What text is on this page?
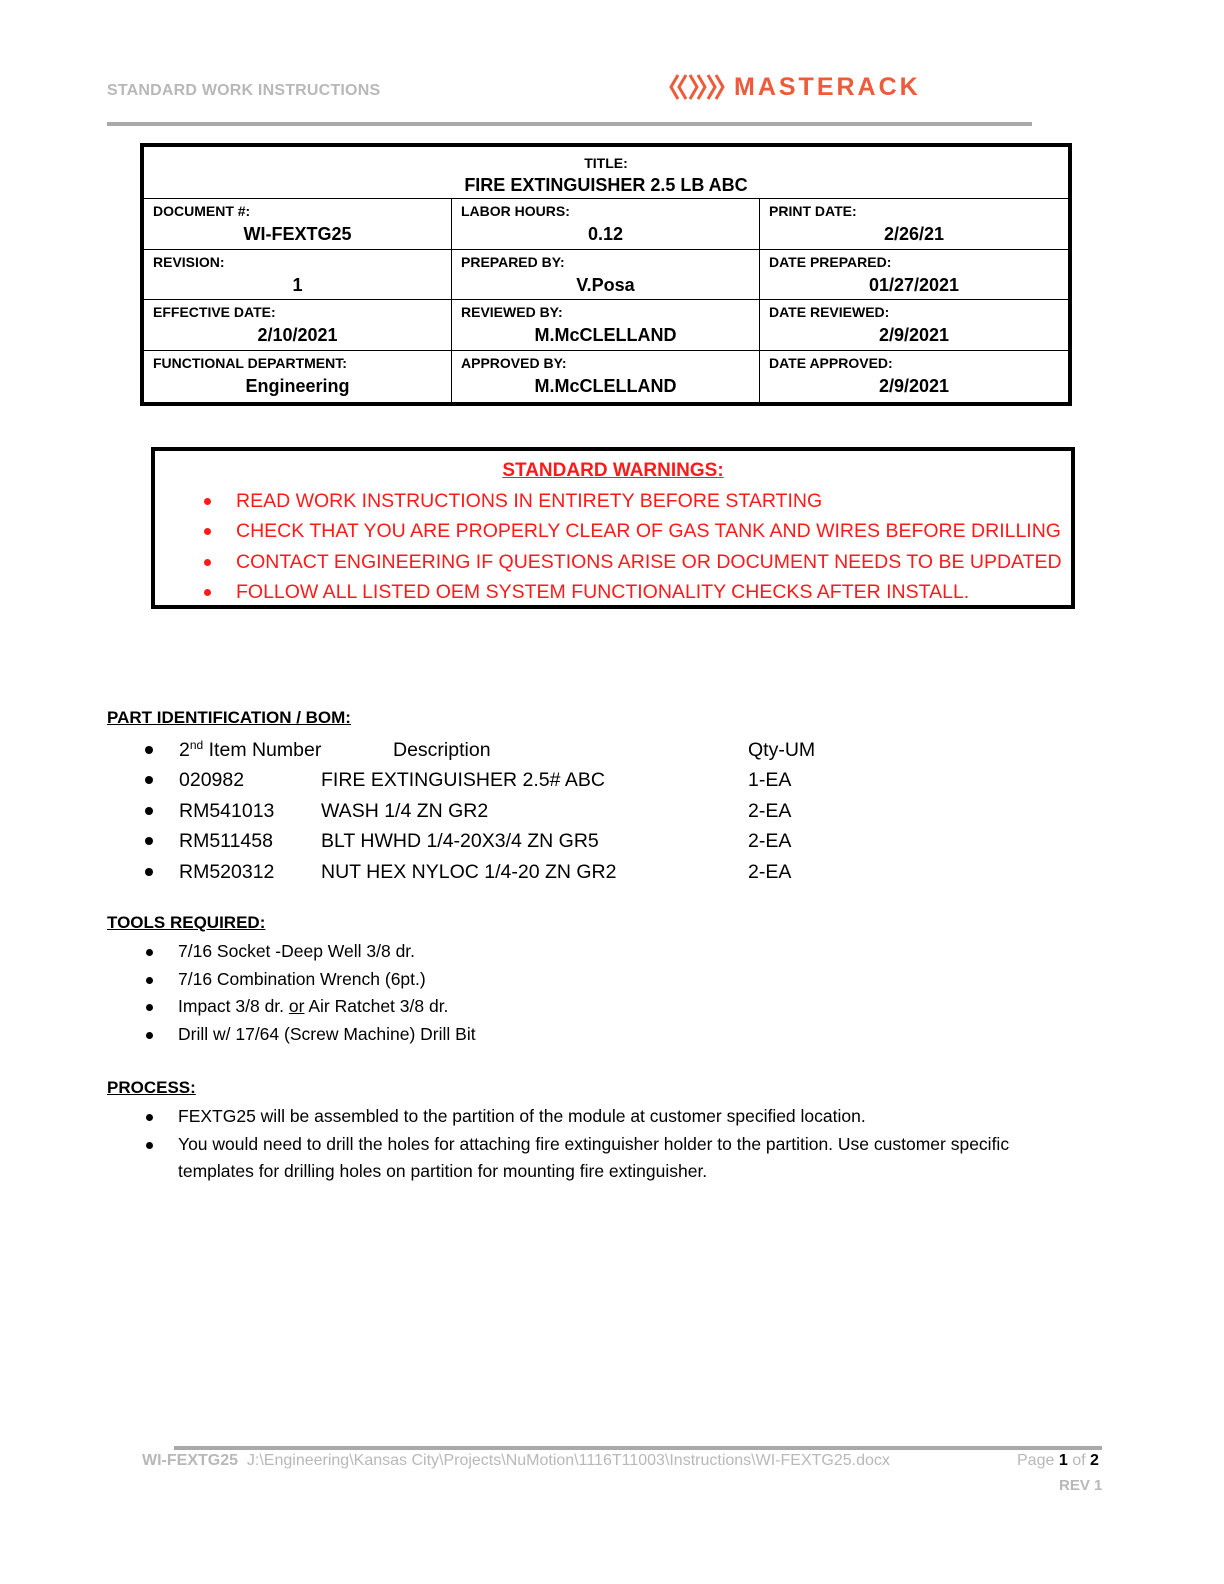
STANDARD WORK INSTRUCTIONS	MASTERACK
TITLE:
FIRE EXTINGUISHER 2.5 LB ABC
DOCUMENT #:
WI-FEXTG25
LABOR HOURS:
0.12
PRINT DATE:
2/26/21
REVISION:
1
PREPARED BY:
V.Posa
DATE PREPARED:
01/27/2021
EFFECTIVE DATE:
2/10/2021
REVIEWED BY:
M.McCLELLAND
DATE REVIEWED:
2/9/2021
FUNCTIONAL DEPARTMENT:
Engineering
APPROVED BY:
M.McCLELLAND
DATE APPROVED:
2/9/2021
STANDARD WARNINGS:
READ WORK INSTRUCTIONS IN ENTIRETY BEFORE STARTING
CHECK THAT YOU ARE PROPERLY CLEAR OF GAS TANK AND WIRES BEFORE DRILLING
CONTACT ENGINEERING IF QUESTIONS ARISE OR DOCUMENT NEEDS TO BE UPDATED
FOLLOW ALL LISTED OEM SYSTEM FUNCTIONALITY CHECKS AFTER INSTALL.
PART IDENTIFICATION / BOM:
2nd Item Number	Description	Qty-UM
020982	FIRE EXTINGUISHER 2.5# ABC	1-EA
RM541013 WASH 1/4 ZN GR2	2-EA
RM511458 BLT HWHD 1/4-20X3/4 ZN GR5	2-EA
RM520312 NUT HEX NYLOC 1/4-20 ZN GR2	2-EA
TOOLS REQUIRED:
7/16 Socket -Deep Well 3/8 dr.
7/16 Combination Wrench (6pt.)
Impact 3/8 dr. or Air Ratchet 3/8 dr.
Drill w/ 17/64 (Screw Machine) Drill Bit
PROCESS:
FEXTG25 will be assembled to the partition of the module at customer specified location.
You would need to drill the holes for attaching fire extinguisher holder to the partition. Use customer specific templates for drilling holes on partition for mounting fire extinguisher.
WI-FEXTG25 J:\Engineering\Kansas City\Projects\NuMotion\1116T11003\Instructions\WI-FEXTG25.docx	Page 1 of 2
REV 1
